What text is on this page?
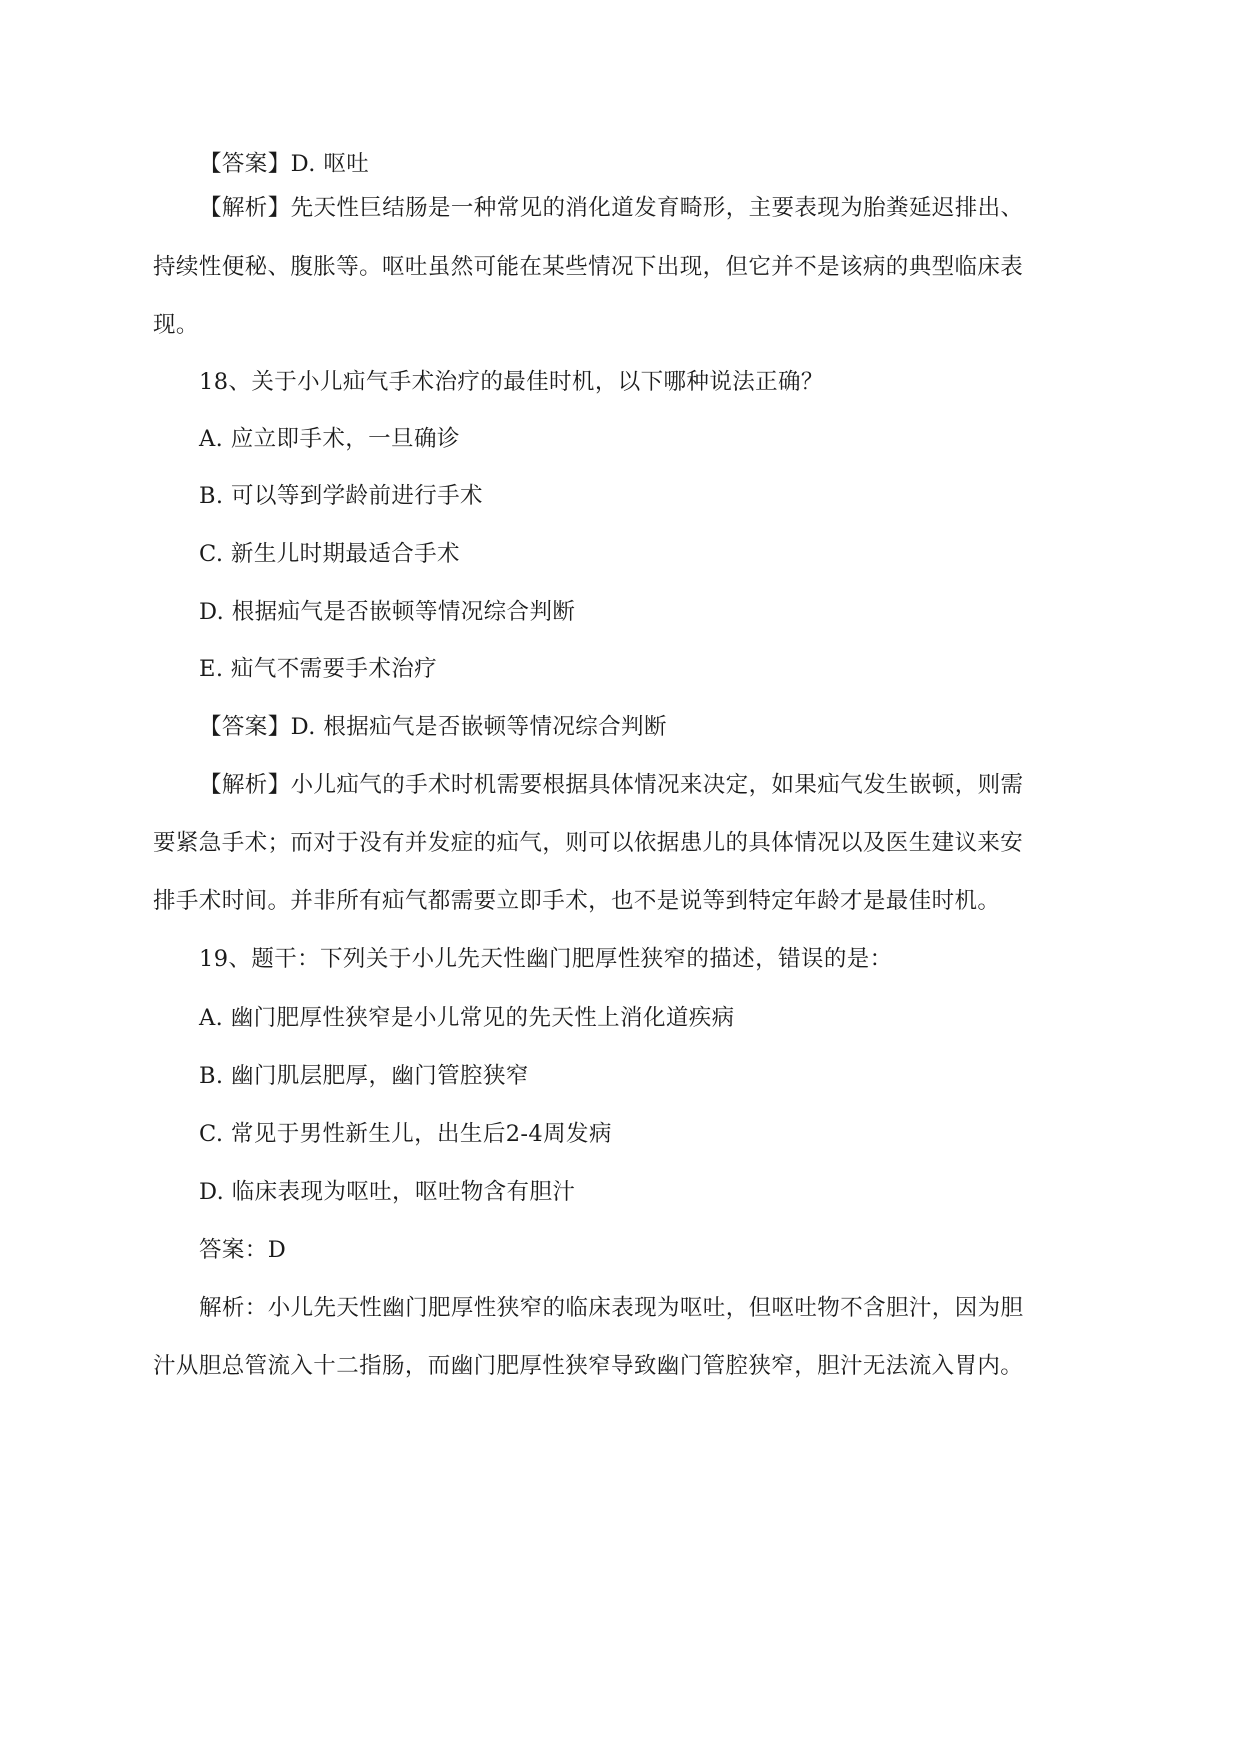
【答案】D. 呕吐
【解析】先天性巨结肠是一种常见的消化道发育畸形，主要表现为胎粪延迟排出、
持续性便秘、腹胀等。呕吐虽然可能在某些情况下出现，但它并不是该病的典型临床表
现。
18、关于小儿疝气手术治疗的最佳时机，以下哪种说法正确？
A. 应立即手术，一旦确诊
B. 可以等到学龄前进行手术
C. 新生儿时期最适合手术
D. 根据疝气是否嵌顿等情况综合判断
E. 疝气不需要手术治疗
【答案】D. 根据疝气是否嵌顿等情况综合判断
【解析】小儿疝气的手术时机需要根据具体情况来决定，如果疝气发生嵌顿，则需
要紧急手术；而对于没有并发症的疝气，则可以依据患儿的具体情况以及医生建议来安
排手术时间。并非所有疝气都需要立即手术，也不是说等到特定年龄才是最佳时机。
19、题干：下列关于小儿先天性幽门肥厚性狭窄的描述，错误的是：
A. 幽门肥厚性狭窄是小儿常见的先天性上消化道疾病
B. 幽门肌层肥厚，幽门管腔狭窄
C. 常见于男性新生儿，出生后2-4周发病
D. 临床表现为呕吐，呕吐物含有胆汁
答案：D
解析：小儿先天性幽门肥厚性狭窄的临床表现为呕吐，但呕吐物不含胆汁，因为胆
汁从胆总管流入十二指肠，而幽门肥厚性狭窄导致幽门管腔狭窄，胆汁无法流入胃内。
